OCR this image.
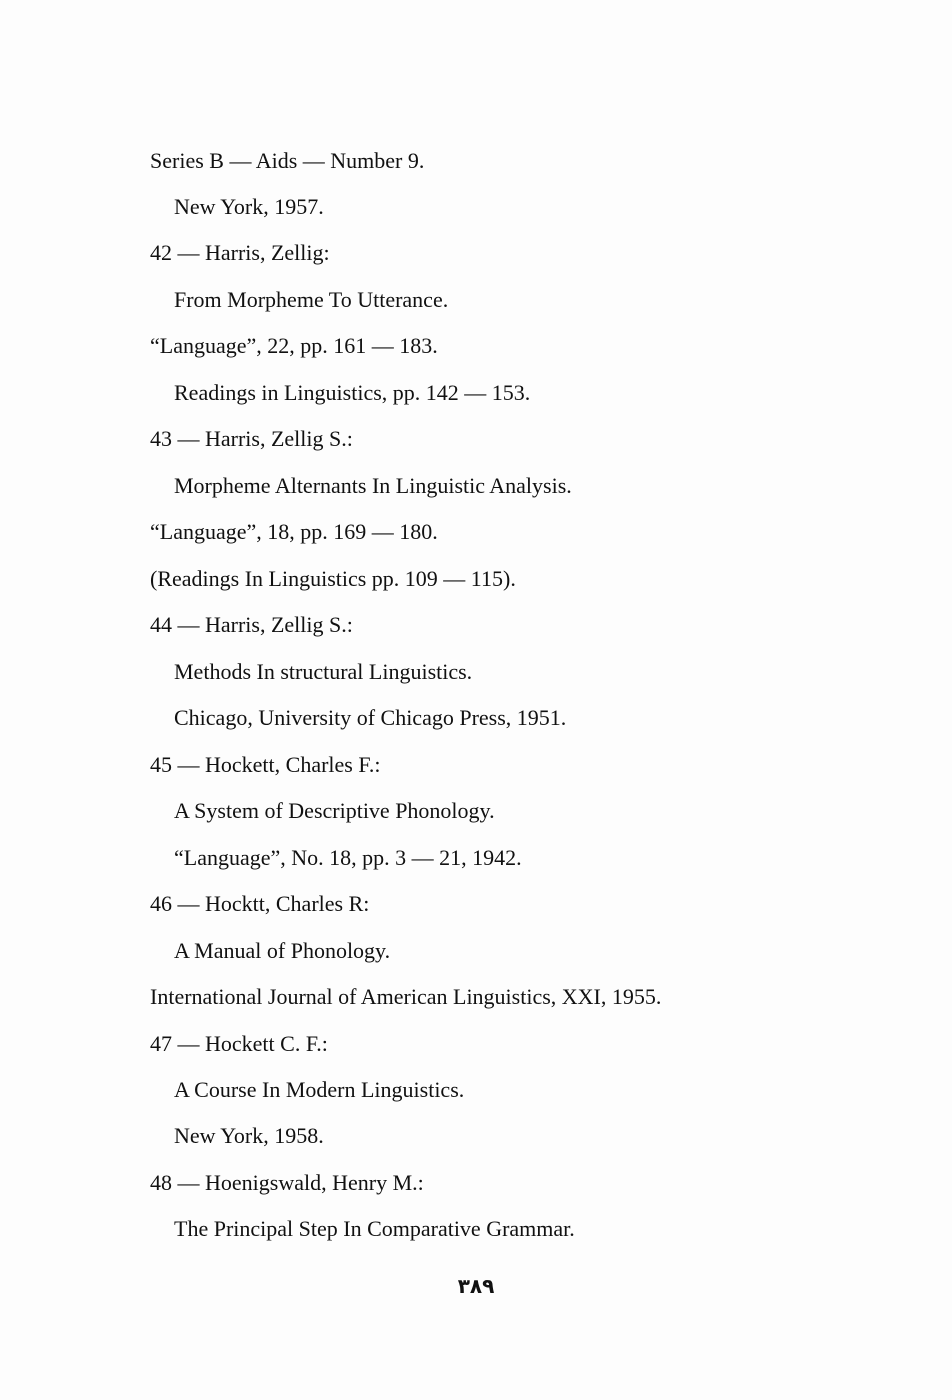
Series B — Aids — Number 9.
New York, 1957.
42 — Harris, Zellig:
From Morpheme To Utterance.
“Language”, 22, pp. 161 — 183.
Readings in Linguistics, pp. 142 — 153.
43 — Harris, Zellig S.:
Morpheme Alternants In Linguistic Analysis.
“Language”, 18, pp. 169 — 180.
(Readings In Linguistics pp. 109 — 115).
44 — Harris, Zellig S.:
Methods In structural Linguistics.
Chicago, University of Chicago Press, 1951.
45 — Hockett, Charles F.:
A System of Descriptive Phonology.
“Language”, No. 18, pp. 3 — 21, 1942.
46 — Hocktt, Charles R:
A Manual of Phonology.
International Journal of American Linguistics, XXI, 1955.
47 — Hockett C. F.:
A Course In Modern Linguistics.
New York, 1958.
48 — Hoenigswald, Henry M.:
The Principal Step In Comparative Grammar.
۳۸۹
